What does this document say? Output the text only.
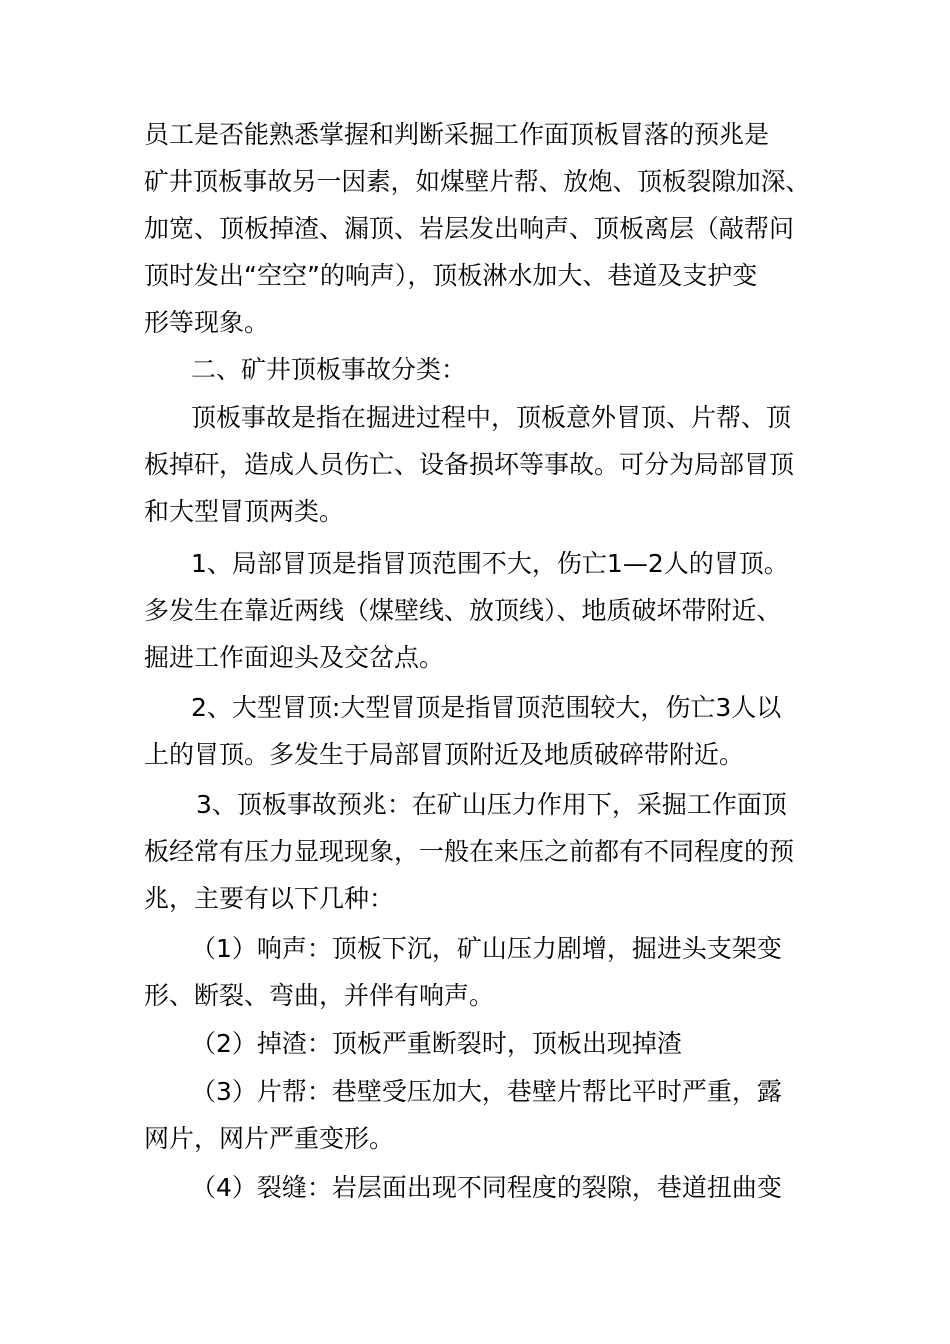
员工是否能熟悉掌握和判断采掘工作面顶板冒落的预兆是
矿井顶板事故另一因素，如煤壁片帮、放炮、顶板裂隙加深、
加宽、顶板掉渣、漏顶、岩层发出响声、顶板离层（敲帮问
顶时发出“空空”的响声），顶板淋水加大、巷道及支护变
形等现象。
二、矿井顶板事故分类：
顶板事故是指在掘进过程中，顶板意外冒顶、片帮、顶
板掉矸，造成人员伤亡、设备损坏等事故。可分为局部冒顶
和大型冒顶两类。
1、局部冒顶是指冒顶范围不大，伤亡1—2人的冒顶。
多发生在靠近两线（煤壁线、放顶线）、地质破坏带附近、
掘进工作面迎头及交岔点。
2、大型冒顶:大型冒顶是指冒顶范围较大，伤亡3人以
上的冒顶。多发生于局部冒顶附近及地质破碎带附近。
3、顶板事故预兆：在矿山压力作用下，采掘工作面顶
板经常有压力显现现象，一般在来压之前都有不同程度的预
兆，主要有以下几种：
（1）响声：顶板下沉，矿山压力剧增，掘进头支架变
形、断裂、弯曲，并伴有响声。
（2）掉渣：顶板严重断裂时，顶板出现掉渣
（3）片帮：巷壁受压加大，巷壁片帮比平时严重，露
网片，网片严重变形。
（4）裂缝：岩层面出现不同程度的裂隙，巷道扭曲变
